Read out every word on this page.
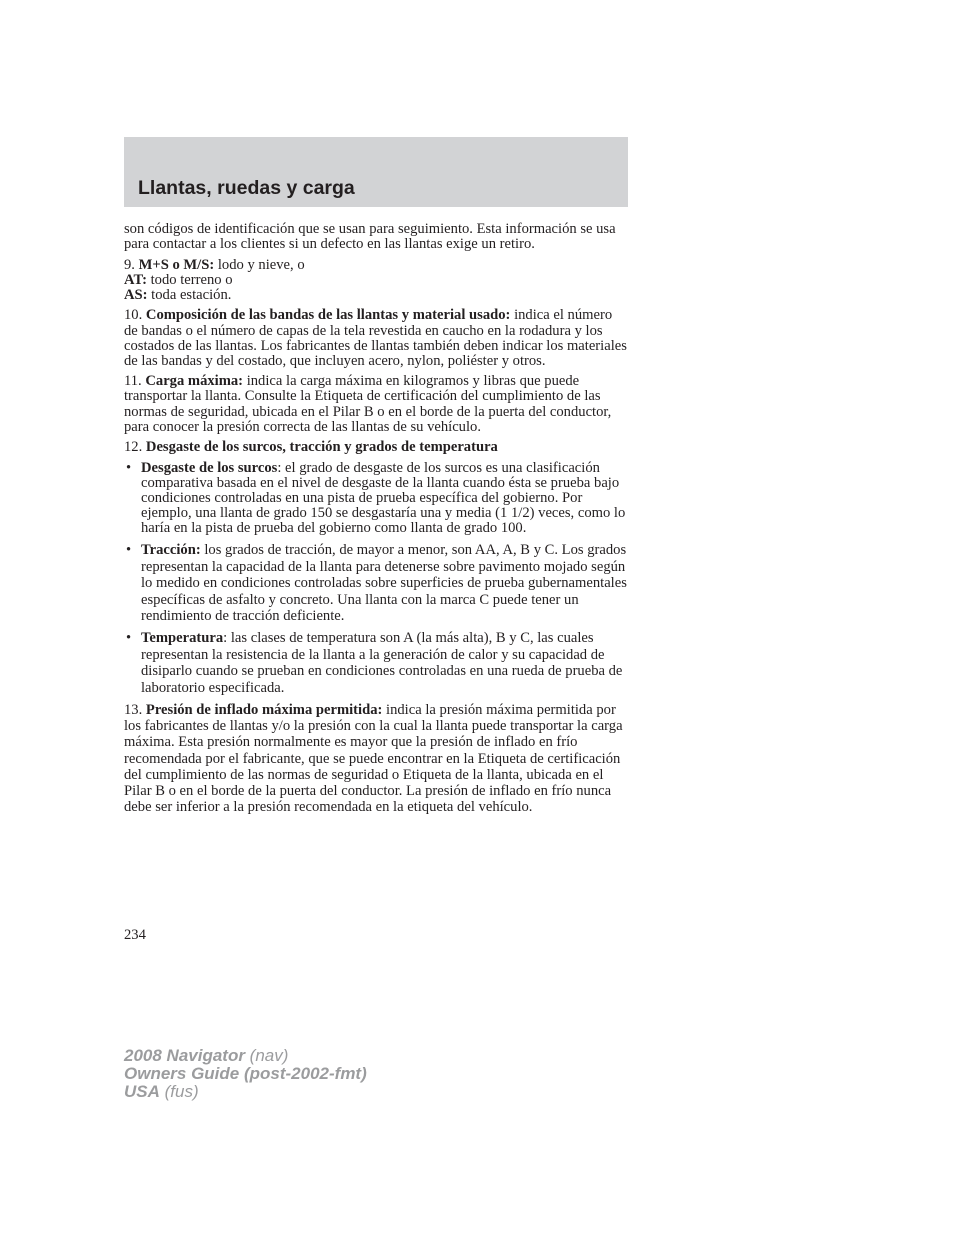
Llantas, ruedas y carga

son códigos de identificación que se usan para seguimiento. Esta información se usa para contactar a los clientes si un defecto en las llantas exige un retiro.

9. M+S o M/S: lodo y nieve, o
AT: todo terreno o
AS: toda estación.

10. Composición de las bandas de las llantas y material usado: indica el número de bandas o el número de capas de la tela revestida en caucho en la rodadura y los costados de las llantas. Los fabricantes de llantas también deben indicar los materiales de las bandas y del costado, que incluyen acero, nylon, poliéster y otros.

11. Carga máxima: indica la carga máxima en kilogramos y libras que puede transportar la llanta. Consulte la Etiqueta de certificación del cumplimiento de las normas de seguridad, ubicada en el Pilar B o en el borde de la puerta del conductor, para conocer la presión correcta de las llantas de su vehículo.

12. Desgaste de los surcos, tracción y grados de temperatura

• Desgaste de los surcos: el grado de desgaste de los surcos es una clasificación comparativa basada en el nivel de desgaste de la llanta cuando ésta se prueba bajo condiciones controladas en una pista de prueba específica del gobierno. Por ejemplo, una llanta de grado 150 se desgastaría una y media (1 1/2) veces, como lo haría en la pista de prueba del gobierno como llanta de grado 100.
• Tracción: los grados de tracción, de mayor a menor, son AA, A, B y C. Los grados representan la capacidad de la llanta para detenerse sobre pavimento mojado según lo medido en condiciones controladas sobre superficies de prueba gubernamentales específicas de asfalto y concreto. Una llanta con la marca C puede tener un rendimiento de tracción deficiente.
• Temperatura: las clases de temperatura son A (la más alta), B y C, las cuales representan la resistencia de la llanta a la generación de calor y su capacidad de disiparlo cuando se prueban en condiciones controladas en una rueda de prueba de laboratorio especificada.

13. Presión de inflado máxima permitida: indica la presión máxima permitida por los fabricantes de llantas y/o la presión con la cual la llanta puede transportar la carga máxima. Esta presión normalmente es mayor que la presión de inflado en frío recomendada por el fabricante, que se puede encontrar en la Etiqueta de certificación del cumplimiento de las normas de seguridad o Etiqueta de la llanta, ubicada en el Pilar B o en el borde de la puerta del conductor. La presión de inflado en frío nunca debe ser inferior a la presión recomendada en la etiqueta del vehículo.

234
2008 Navigator (nav)
Owners Guide (post-2002-fmt)
USA (fus)
